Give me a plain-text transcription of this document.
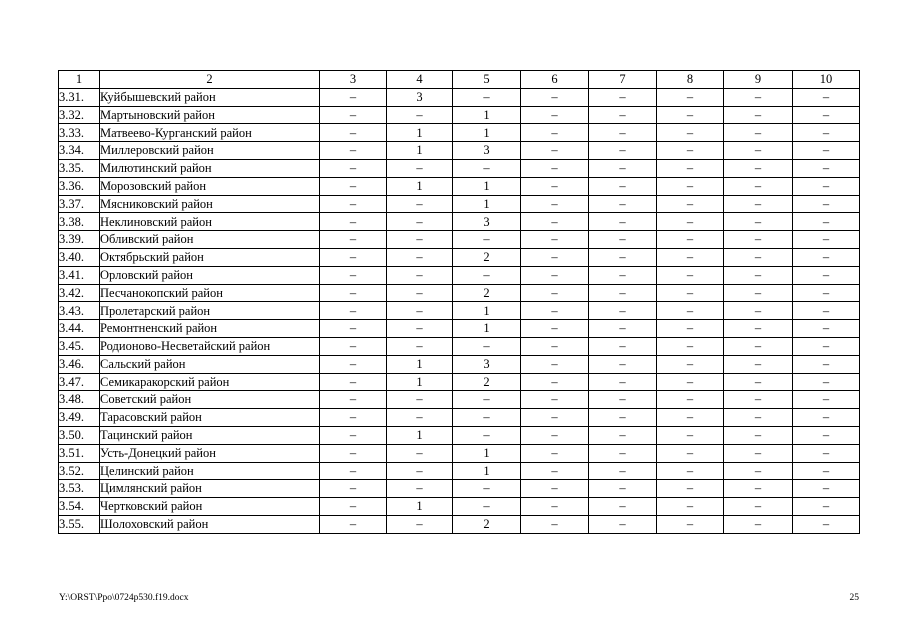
1	2	3	4	5	6	7	8	9	10
3.31.	Куйбышевский район	–	3	–	–	–	–	–	–
3.32.	Мартыновский район	–	–	1	–	–	–	–	–
3.33.	Матвеево-Курганский район	–	1	1	–	–	–	–	–
3.34.	Миллеровский район	–	1	3	–	–	–	–	–
3.35.	Милютинский район	–	–	–	–	–	–	–	–
3.36.	Морозовский район	–	1	1	–	–	–	–	–
3.37.	Мясниковский район	–	–	1	–	–	–	–	–
3.38.	Неклиновский район	–	–	3	–	–	–	–	–
3.39.	Обливский район	–	–	–	–	–	–	–	–
3.40.	Октябрьский район	–	–	2	–	–	–	–	–
3.41.	Орловский район	–	–	–	–	–	–	–	–
3.42.	Песчанокопский район	–	–	2	–	–	–	–	–
3.43.	Пролетарский район	–	–	1	–	–	–	–	–
3.44.	Ремонтненский район	–	–	1	–	–	–	–	–
3.45.	Родионово-Несветайский район	–	–	–	–	–	–	–	–
3.46.	Сальский район	–	1	3	–	–	–	–	–
3.47.	Семикаракорский район	–	1	2	–	–	–	–	–
3.48.	Советский район	–	–	–	–	–	–	–	–
3.49.	Тарасовский район	–	–	–	–	–	–	–	–
3.50.	Тацинский район	–	1	–	–	–	–	–	–
3.51.	Усть-Донецкий район	–	–	1	–	–	–	–	–
3.52.	Целинский район	–	–	1	–	–	–	–	–
3.53.	Цимлянский район	–	–	–	–	–	–	–	–
3.54.	Чертковский район	–	1	–	–	–	–	–	–
3.55.	Шолоховский район	–	–	2	–	–	–	–	–
Y:\ORST\Ppo\0724p530.f19.docx	25
